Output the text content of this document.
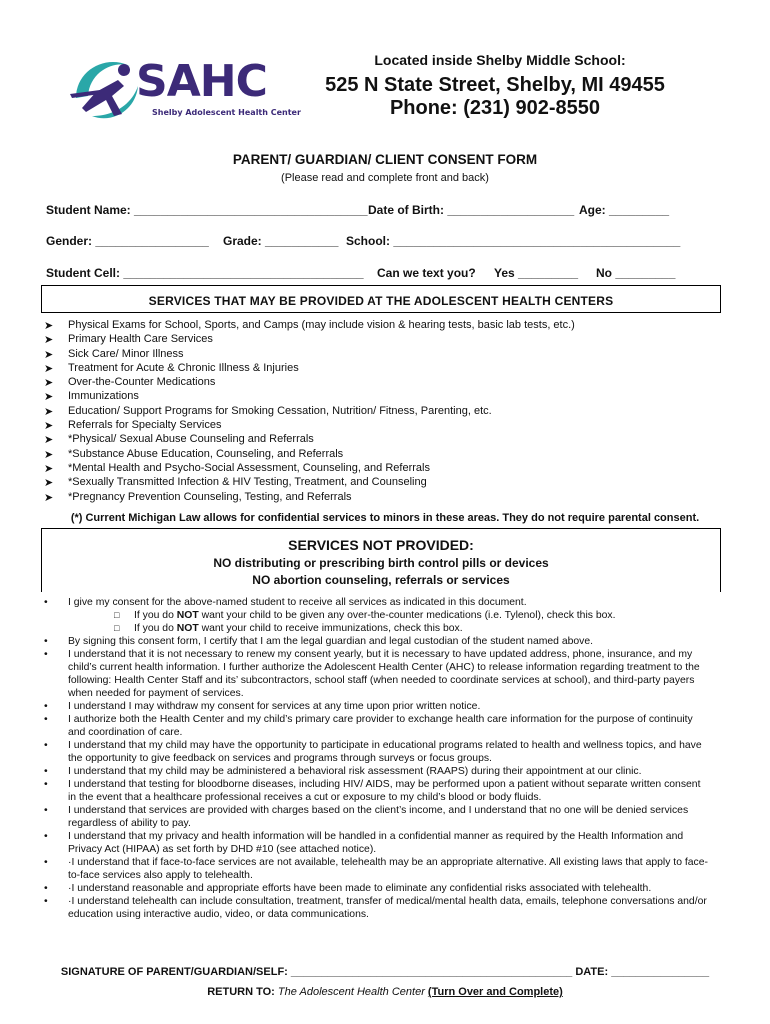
SAHC
Shelby Adolescent Health Center
Located inside Shelby Middle School:
525 N State Street, Shelby, MI 49455
Phone: (231) 902-8550
PARENT/ GUARDIAN/ CLIENT CONSENT FORM
(Please read and complete front and back)
Student Name: ___________________________________ Date of Birth: ___________________ Age: _________
Gender: _________________ Grade: ___________ School: ___________________________________________
Student Cell: ____________________________________ Can we text you? Yes _________ No _________
SERVICES THAT MAY BE PROVIDED AT THE ADOLESCENT HEALTH CENTERS
➤ Physical Exams for School, Sports, and Camps (may include vision & hearing tests, basic lab tests, etc.)
➤ Primary Health Care Services
➤ Sick Care/ Minor Illness
➤ Treatment for Acute & Chronic Illness & Injuries
➤ Over-the-Counter Medications
➤ Immunizations
➤ Education/ Support Programs for Smoking Cessation, Nutrition/ Fitness, Parenting, etc.
➤ Referrals for Specialty Services
➤ *Physical/ Sexual Abuse Counseling and Referrals
➤ *Substance Abuse Education, Counseling, and Referrals
➤ *Mental Health and Psycho-Social Assessment, Counseling, and Referrals
➤ *Sexually Transmitted Infection & HIV Testing, Treatment, and Counseling
➤ *Pregnancy Prevention Counseling, Testing, and Referrals
(*) Current Michigan Law allows for confidential services to minors in these areas. They do not require parental consent.
SERVICES NOT PROVIDED:
NO distributing or prescribing birth control pills or devices
NO abortion counseling, referrals or services
• I give my consent for the above-named student to receive all services as indicated in this document.
□ If you do NOT want your child to be given any over-the-counter medications (i.e. Tylenol), check this box.
□ If you do NOT want your child to receive immunizations, check this box.
• By signing this consent form, I certify that I am the legal guardian and legal custodian of the student named above.
• I understand that it is not necessary to renew my consent yearly, but it is necessary to have updated address, phone, insurance, and my child’s current health information. I further authorize the Adolescent Health Center (AHC) to release information regarding treatment to the following: Health Center Staff and its’ subcontractors, school staff (when needed to coordinate services at school), and third-party payers when needed for payment of services.
• I understand I may withdraw my consent for services at any time upon prior written notice.
• I authorize both the Health Center and my child’s primary care provider to exchange health care information for the purpose of continuity and coordination of care.
• I understand that my child may have the opportunity to participate in educational programs related to health and wellness topics, and have the opportunity to give feedback on services and programs through surveys or focus groups.
• I understand that my child may be administered a behavioral risk assessment (RAAPS) during their appointment at our clinic.
• I understand that testing for bloodborne diseases, including HIV/ AIDS, may be performed upon a patient without separate written consent in the event that a healthcare professional receives a cut or exposure to my child’s blood or body fluids.
• I understand that services are provided with charges based on the client’s income, and I understand that no one will be denied services regardless of ability to pay.
• I understand that my privacy and health information will be handled in a confidential manner as required by the Health Information and Privacy Act (HIPAA) as set forth by DHD #10 (see attached notice).
• ·I understand that if face-to-face services are not available, telehealth may be an appropriate alternative. All existing laws that apply to face-to-face services also apply to telehealth.
• ·I understand reasonable and appropriate efforts have been made to eliminate any confidential risks associated with telehealth.
• ·I understand telehealth can include consultation, treatment, transfer of medical/mental health data, emails, telephone conversations and/or education using interactive audio, video, or data communications.
SIGNATURE OF PARENT/GUARDIAN/SELF: ______________________________________________ DATE: ________________
RETURN TO: The Adolescent Health Center (Turn Over and Complete)
